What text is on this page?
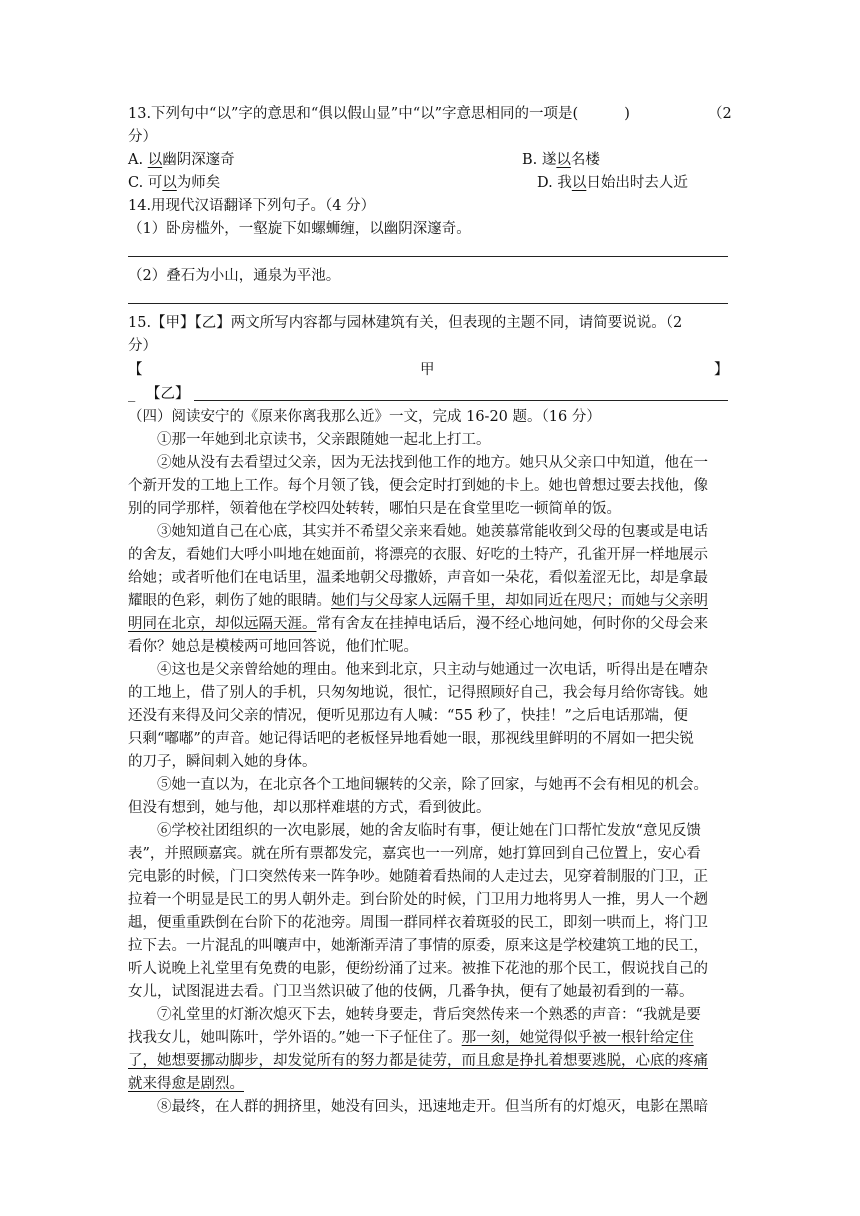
13.下列句中“以”字的意思和“俱以假山显”中“以”字意思相同的一项是(	)	（2
分）
A. 以幽阴深邃奇	B. 遂以名楼
C. 可以为师矣	D. 我以日始出时去人近
14.用现代汉语翻译下列句子。（4 分）
（1）卧房槛外，一壑旋下如螺蛳缠，以幽阴深邃奇。
（2）叠石为小山，通泉为平池。
15.【甲】【乙】两文所写内容都与园林建筑有关，但表现的主题不同，请简要说说。（2
分）
【	甲	】
_ 【乙】
（四）阅读安宁的《原来你离我那么近》一文，完成 16-20 题。（16 分）
　　①那一年她到北京读书，父亲跟随她一起北上打工。
　　②她从没有去看望过父亲，因为无法找到他工作的地方。她只从父亲口中知道，他在一
个新开发的工地上工作。每个月领了钱，便会定时打到她的卡上。她也曾想过要去找他，像
别的同学那样，领着他在学校四处转转，哪怕只是在食堂里吃一顿简单的饭。
　　③她知道自己在心底，其实并不希望父亲来看她。她羡慕常能收到父母的包裹或是电话
的舍友，看她们大呼小叫地在她面前，将漂亮的衣服、好吃的土特产，孔雀开屏一样地展示
给她；或者听他们在电话里，温柔地朝父母撒娇，声音如一朵花，看似羞涩无比，却是拿最
耀眼的色彩，刺伤了她的眼睛。她们与父母家人远隔千里，却如同近在咫尺；而她与父亲明
明同在北京，却似远隔天涯。常有舍友在挂掉电话后，漫不经心地问她，何时你的父母会来
看你？她总是模棱两可地回答说，他们忙呢。
　　④这也是父亲曾给她的理由。他来到北京，只主动与她通过一次电话，听得出是在嘈杂
的工地上，借了别人的手机，只匆匆地说，很忙，记得照顾好自己，我会每月给你寄钱。她
还没有来得及问父亲的情况，便听见那边有人喊：“55 秒了，快挂！”之后电话那端，便
只剩“嘟嘟”的声音。她记得话吧的老板怪异地看她一眼，那视线里鲜明的不屑如一把尖锐
的刀子，瞬间刺入她的身体。
　　⑤她一直以为，在北京各个工地间辗转的父亲，除了回家，与她再不会有相见的机会。
但没有想到，她与他，却以那样难堪的方式，看到彼此。
　　⑥学校社团组织的一次电影展，她的舍友临时有事，便让她在门口帮忙发放“意见反馈
表”，并照顾嘉宾。就在所有票都发完，嘉宾也一一列席，她打算回到自己位置上，安心看
完电影的时候，门口突然传来一阵争吵。她随着看热闹的人走过去，见穿着制服的门卫，正
拉着一个明显是民工的男人朝外走。到台阶处的时候，门卫用力地将男人一推，男人一个趔
趄，便重重跌倒在台阶下的花池旁。周围一群同样衣着斑驳的民工，即刻一哄而上，将门卫
拉下去。一片混乱的叫嚷声中，她渐渐弄清了事情的原委，原来这是学校建筑工地的民工，
听人说晚上礼堂里有免费的电影，便纷纷涌了过来。被推下花池的那个民工，假说找自己的
女儿，试图混进去看。门卫当然识破了他的伎俩，几番争执，便有了她最初看到的一幕。
　　⑦礼堂里的灯渐次熄灭下去，她转身要走，背后突然传来一个熟悉的声音：“我就是要
找我女儿，她叫陈叶，学外语的。”她一下子怔住了。那一刻，她觉得似乎被一根针给定住
了，她想要挪动脚步，却发觉所有的努力都是徒劳，而且愈是挣扎着想要逃脱，心底的疼痛
就来得愈是剧烈。
　　⑧最终，在人群的拥挤里，她没有回头，迅速地走开。但当所有的灯熄灭，电影在黑暗
